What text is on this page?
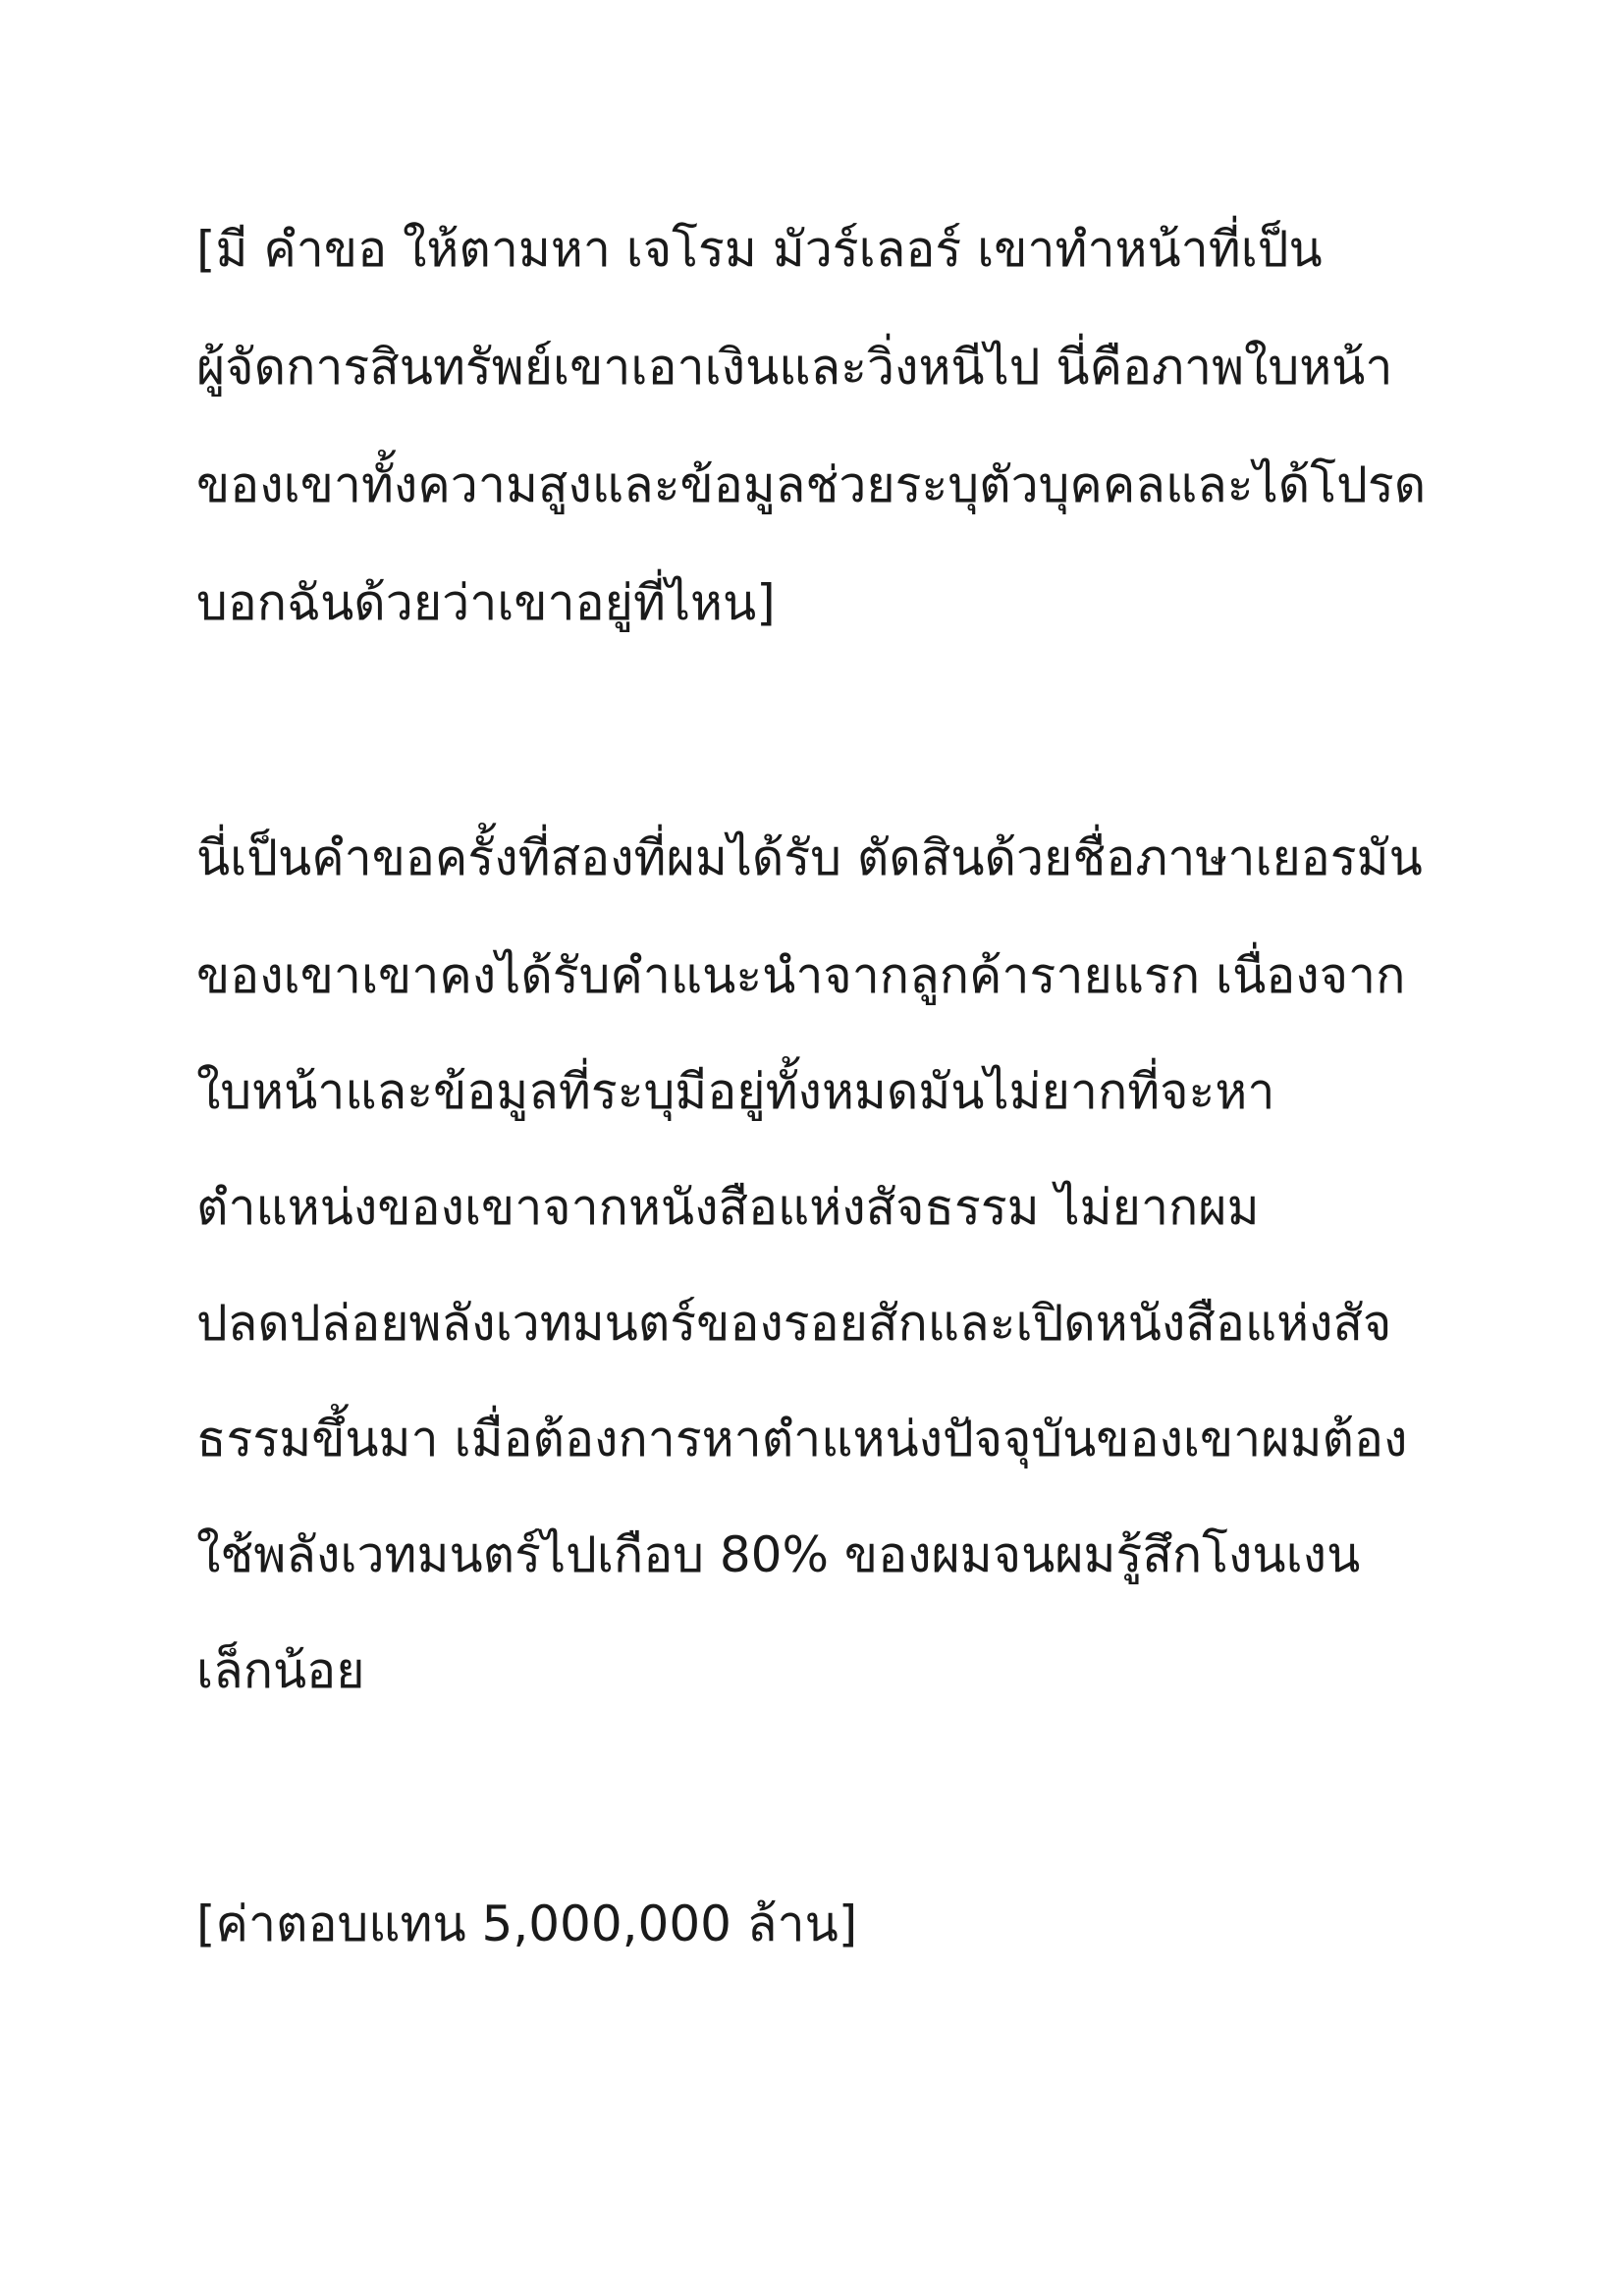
[มี คำขอ ให้ตามหา เจโรม มัวร์เลอร์ เขาทำหน้าที่เป็น

ผู้จัดการสินทรัพย์เขาเอาเงินและวิ่งหนีไป นี่คือภาพใบหน้า

ของเขาทั้งความสูงและข้อมูลช่วยระบุตัวบุคคลและได้โปรด

บอกฉันด้วยว่าเขาอยู่ที่ไหน]

นี่เป็นคำขอครั้งที่สองที่ผมได้รับ ตัดสินด้วยชื่อภาษาเยอรมัน

ของเขาเขาคงได้รับคำแนะนำจากลูกค้ารายแรก เนื่องจาก

ใบหน้าและข้อมูลที่ระบุมีอยู่ทั้งหมดมันไม่ยากที่จะหา

ตำแหน่งของเขาจากหนังสือแห่งสัจธรรม ไม่ยากผม

ปลดปล่อยพลังเวทมนตร์ของรอยสักและเปิดหนังสือแห่งสัจ

ธรรมขึ้นมา เมื่อต้องการหาตำแหน่งปัจจุบันของเขาผมต้อง

ใช้พลังเวทมนตร์ไปเกือบ 80% ของผมจนผมรู้สึกโงนเงน

เล็กน้อย

[ค่าตอบแทน 5,000,000 ล้าน]
